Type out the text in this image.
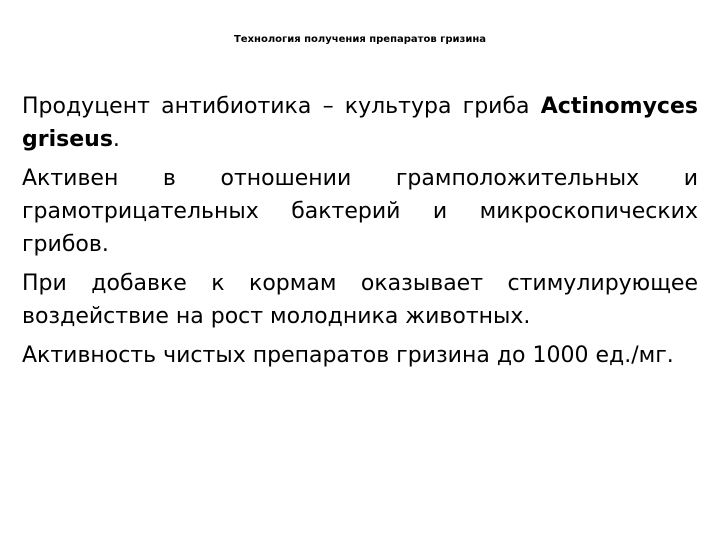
Технология получения препаратов гризина

Продуцент антибиотика – культура гриба Actinomyces griseus.

Активен в отношении грамположительных и грамотрицательных бактерий и микроскопических грибов.

При добавке к кормам оказывает стимулирующее воздействие на рост молодника животных.

Активность чистых препаратов гризина до 1000 ед./мг.
